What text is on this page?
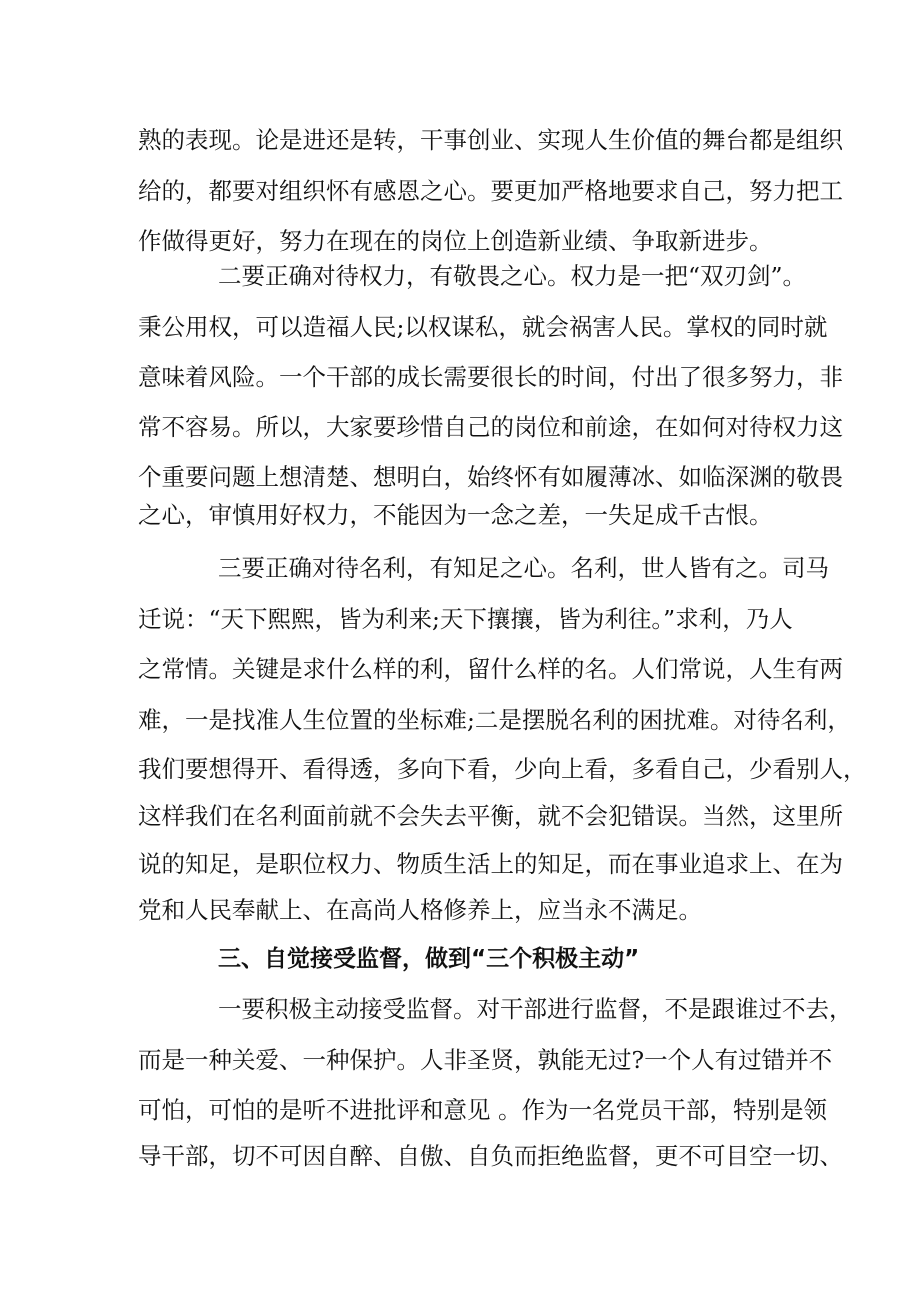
熟的表现。论是进还是转，干事创业、实现人生价值的舞台都是组织
给的，都要对组织怀有感恩之心。要更加严格地要求自己，努力把工
作做得更好，努力在现在的岗位上创造新业绩、争取新进步。
二要正确对待权力，有敬畏之心。权力是一把“双刃剑”。
秉公用权，可以造福人民;以权谋私，就会祸害人民。掌权的同时就
意味着风险。一个干部的成长需要很长的时间，付出了很多努力，非
常不容易。所以，大家要珍惜自己的岗位和前途，在如何对待权力这
个重要问题上想清楚、想明白，始终怀有如履薄冰、如临深渊的敬畏
之心，审慎用好权力，不能因为一念之差，一失足成千古恨。
三要正确对待名利，有知足之心。名利，世人皆有之。司马
迁说：“天下熙熙，皆为利来;天下攘攘，皆为利往。”求利，乃人
之常情。关键是求什么样的利，留什么样的名。人们常说，人生有两
难，一是找准人生位置的坐标难;二是摆脱名利的困扰难。对待名利，
我们要想得开、看得透，多向下看，少向上看，多看自己，少看别人，
这样我们在名利面前就不会失去平衡，就不会犯错误。当然，这里所
说的知足，是职位权力、物质生活上的知足，而在事业追求上、在为
党和人民奉献上、在高尚人格修养上，应当永不满足。
三、自觉接受监督，做到“三个积极主动”
一要积极主动接受监督。对干部进行监督，不是跟谁过不去，
而是一种关爱、一种保护。人非圣贤，孰能无过?一个人有过错并不
可怕，可怕的是听不进批评和意见 。作为一名党员干部，特别是领
导干部，切不可因自醉、自傲、自负而拒绝监督，更不可目空一切、
